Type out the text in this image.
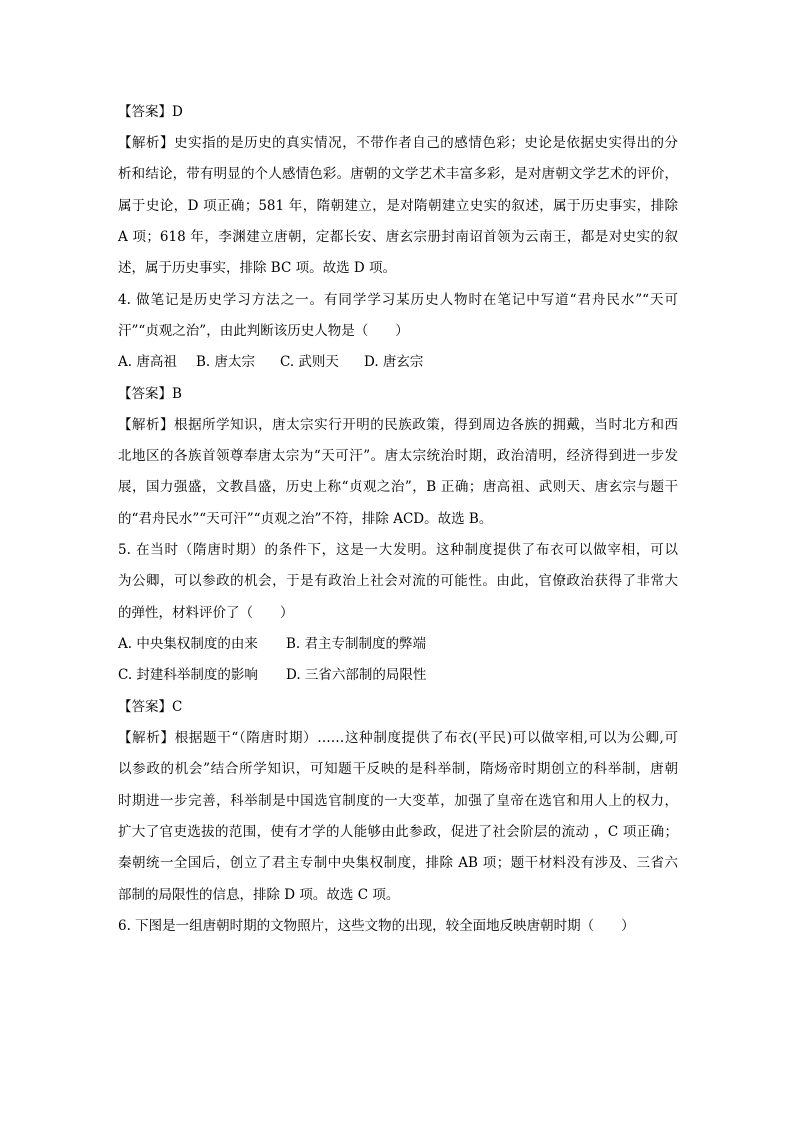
【答案】D
【解析】史实指的是历史的真实情况，不带作者自己的感情色彩；史论是依据史实得出的分
析和结论，带有明显的个人感情色彩。唐朝的文学艺术丰富多彩，是对唐朝文学艺术的评价，
属于史论，D 项正确；581 年，隋朝建立，是对隋朝建立史实的叙述，属于历史事实，排除
A 项；618 年，李渊建立唐朝，定都长安、唐玄宗册封南诏首领为云南王，都是对史实的叙
述，属于历史事实，排除 BC 项。故选 D 项。
4. 做笔记是历史学习方法之一。有同学学习某历史人物时在笔记中写道“君舟民水”“天可
汗”“贞观之治”，由此判断该历史人物是（　　）
A. 唐高祖 B. 唐太宗 C. 武则天 D. 唐玄宗
【答案】B
【解析】根据所学知识，唐太宗实行开明的民族政策，得到周边各族的拥戴，当时北方和西
北地区的各族首领尊奉唐太宗为“天可汗”。唐太宗统治时期，政治清明，经济得到进一步发
展，国力强盛，文教昌盛，历史上称“贞观之治”，B 正确；唐高祖、武则天、唐玄宗与题干
的“君舟民水”“天可汗”“贞观之治”不符，排除 ACD。故选 B。
5. 在当时（隋唐时期）的条件下，这是一大发明。这种制度提供了布衣可以做宰相，可以
为公卿，可以参政的机会，于是有政治上社会对流的可能性。由此，官僚政治获得了非常大
的弹性，材料评价了（　　）
A. 中央集权制度的由来 B. 君主专制制度的弊端
C. 封建科举制度的影响 D. 三省六部制的局限性
【答案】C
【解析】根据题干“（隋唐时期）……这种制度提供了布衣(平民)可以做宰相,可以为公卿,可
以参政的机会”结合所学知识，可知题干反映的是科举制，隋炀帝时期创立的科举制，唐朝
时期进一步完善，科举制是中国选官制度的一大变革，加强了皇帝在选官和用人上的权力，
扩大了官吏选拔的范围，使有才学的人能够由此参政，促进了社会阶层的流动 ，C 项正确；
秦朝统一全国后，创立了君主专制中央集权制度，排除 AB 项；题干材料没有涉及、三省六
部制的局限性的信息，排除 D 项。故选 C 项。
6. 下图是一组唐朝时期的文物照片，这些文物的出现，较全面地反映唐朝时期（　　）
